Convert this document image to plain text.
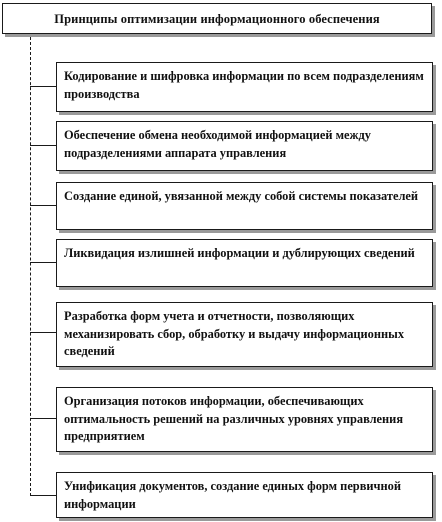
Принципы оптимизации информационного обеспечения
Кодирование и шифровка информации по всем подразделениям производства
Обеспечение обмена необходимой информацией между подразделениями аппарата управления
Создание единой, увязанной между собой системы показателей
Ликвидация излишней информации и дублирующих сведений
Разработка форм учета и отчетности, позволяющих механизировать сбор, обработку и выдачу информационных сведений
Организация потоков информации, обеспечивающих оптимальность решений на различных уровнях управления предприятием
Унификация документов, создание единых форм первичной информации
